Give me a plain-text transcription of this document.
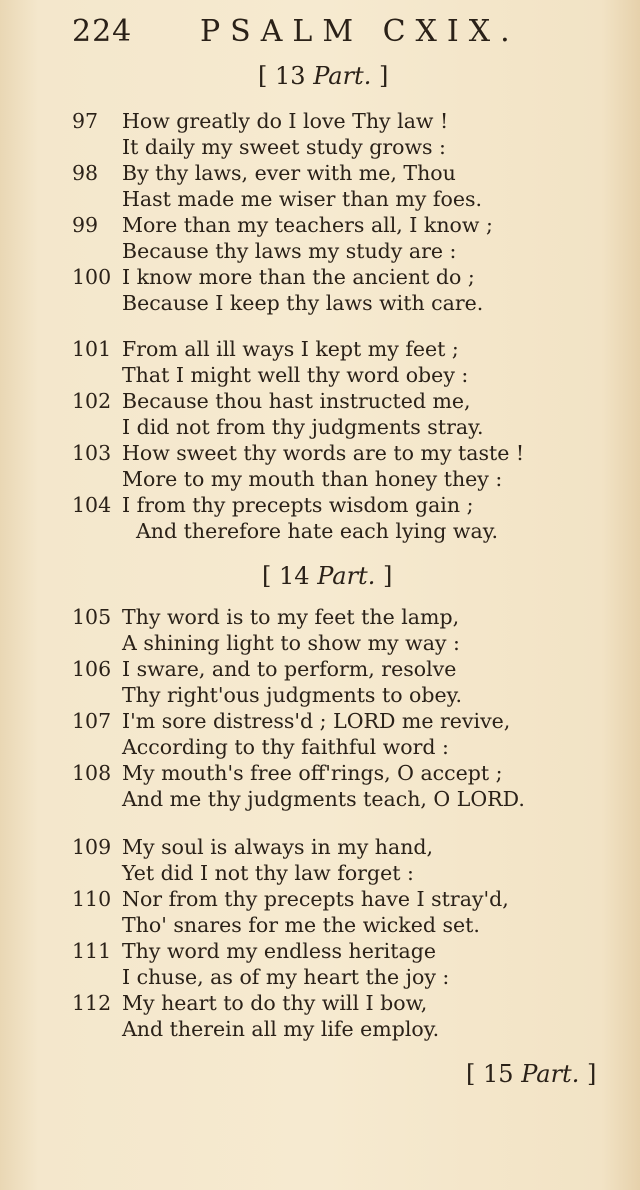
224 PSALM CXIX.
[ 13 Part. ]
97 How greatly do I love Thy law !
It daily my sweet study grows :
98 By thy laws, ever with me, Thou
Hast made me wiser than my foes.
99 More than my teachers all, I know ;
Because thy laws my study are :
100 I know more than the ancient do ;
Because I keep thy laws with care.
101 From all ill ways I kept my feet ;
That I might well thy word obey :
102 Because thou hast instructed me,
I did not from thy judgments stray.
103 How sweet thy words are to my taste !
More to my mouth than honey they :
104 I from thy precepts wisdom gain ;
And therefore hate each lying way.
[ 14 Part. ]
105 Thy word is to my feet the lamp,
A shining light to show my way :
106 I sware, and to perform, resolve
Thy right'ous judgments to obey.
107 I'm sore distress'd ; LORD me revive,
According to thy faithful word :
108 My mouth's free off'rings, O accept ;
And me thy judgments teach, O LORD.
109 My soul is always in my hand,
Yet did I not thy law forget :
110 Nor from thy precepts have I stray'd,
Tho' snares for me the wicked set.
111 Thy word my endless heritage
I chuse, as of my heart the joy :
112 My heart to do thy will I bow,
And therein all my life employ.
[ 15 Part. ]
